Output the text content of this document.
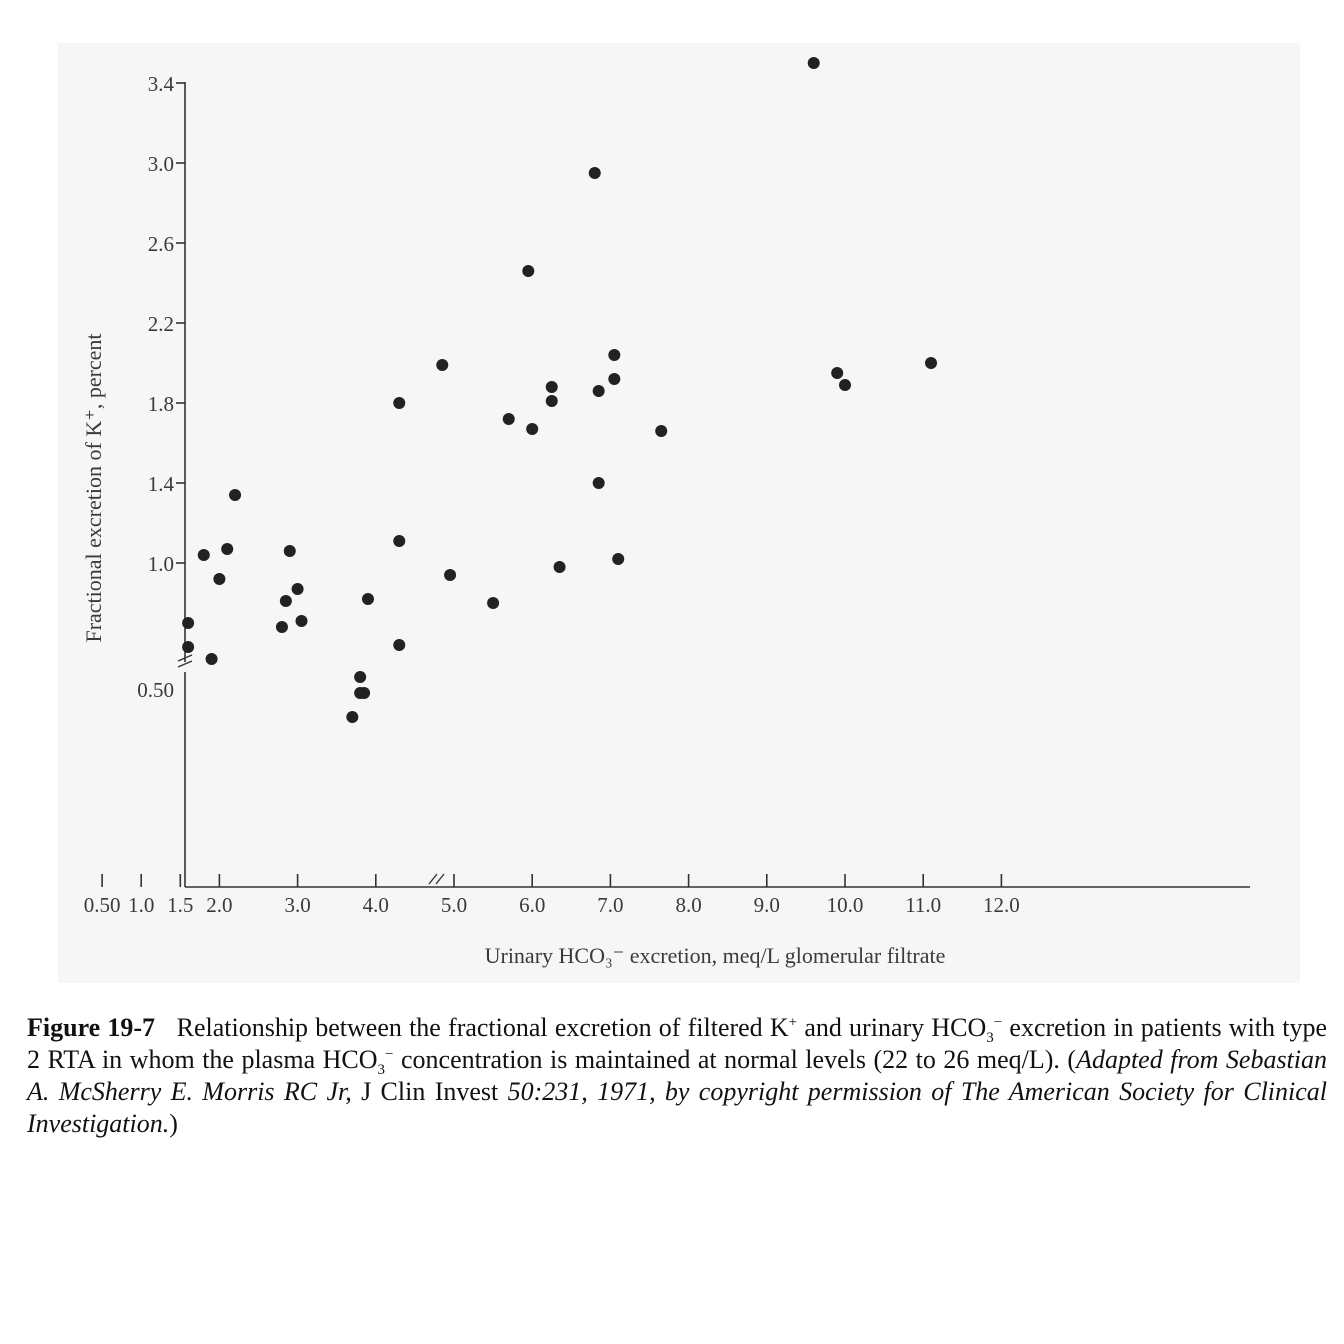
0.50
1.0
1.4
1.8
2.2
2.6
3.0
3.4
0.50 1.0 1.5 2.0 3.0 4.0 5.0 6.0 7.0 8.0 9.0 10.0 11.0 12.0
Urinary HCO₃⁻ excretion, meq/L glomerular filtrate
Fractional excretion of K⁺, percent
Figure 19-7 Relationship between the fractional excretion of filtered K+ and urinary $HCO_3^-$ excretion in patients with type 2 RTA in whom the plasma $HCO_3^-$ concentration is maintained at normal levels (22 to 26 meq/L). (Adapted from Sebastian A. McSherry E. Morris RC Jr, J Clin Invest 50:231, 1971, by copyright permission of The American Society for Clinical Investigation.)
